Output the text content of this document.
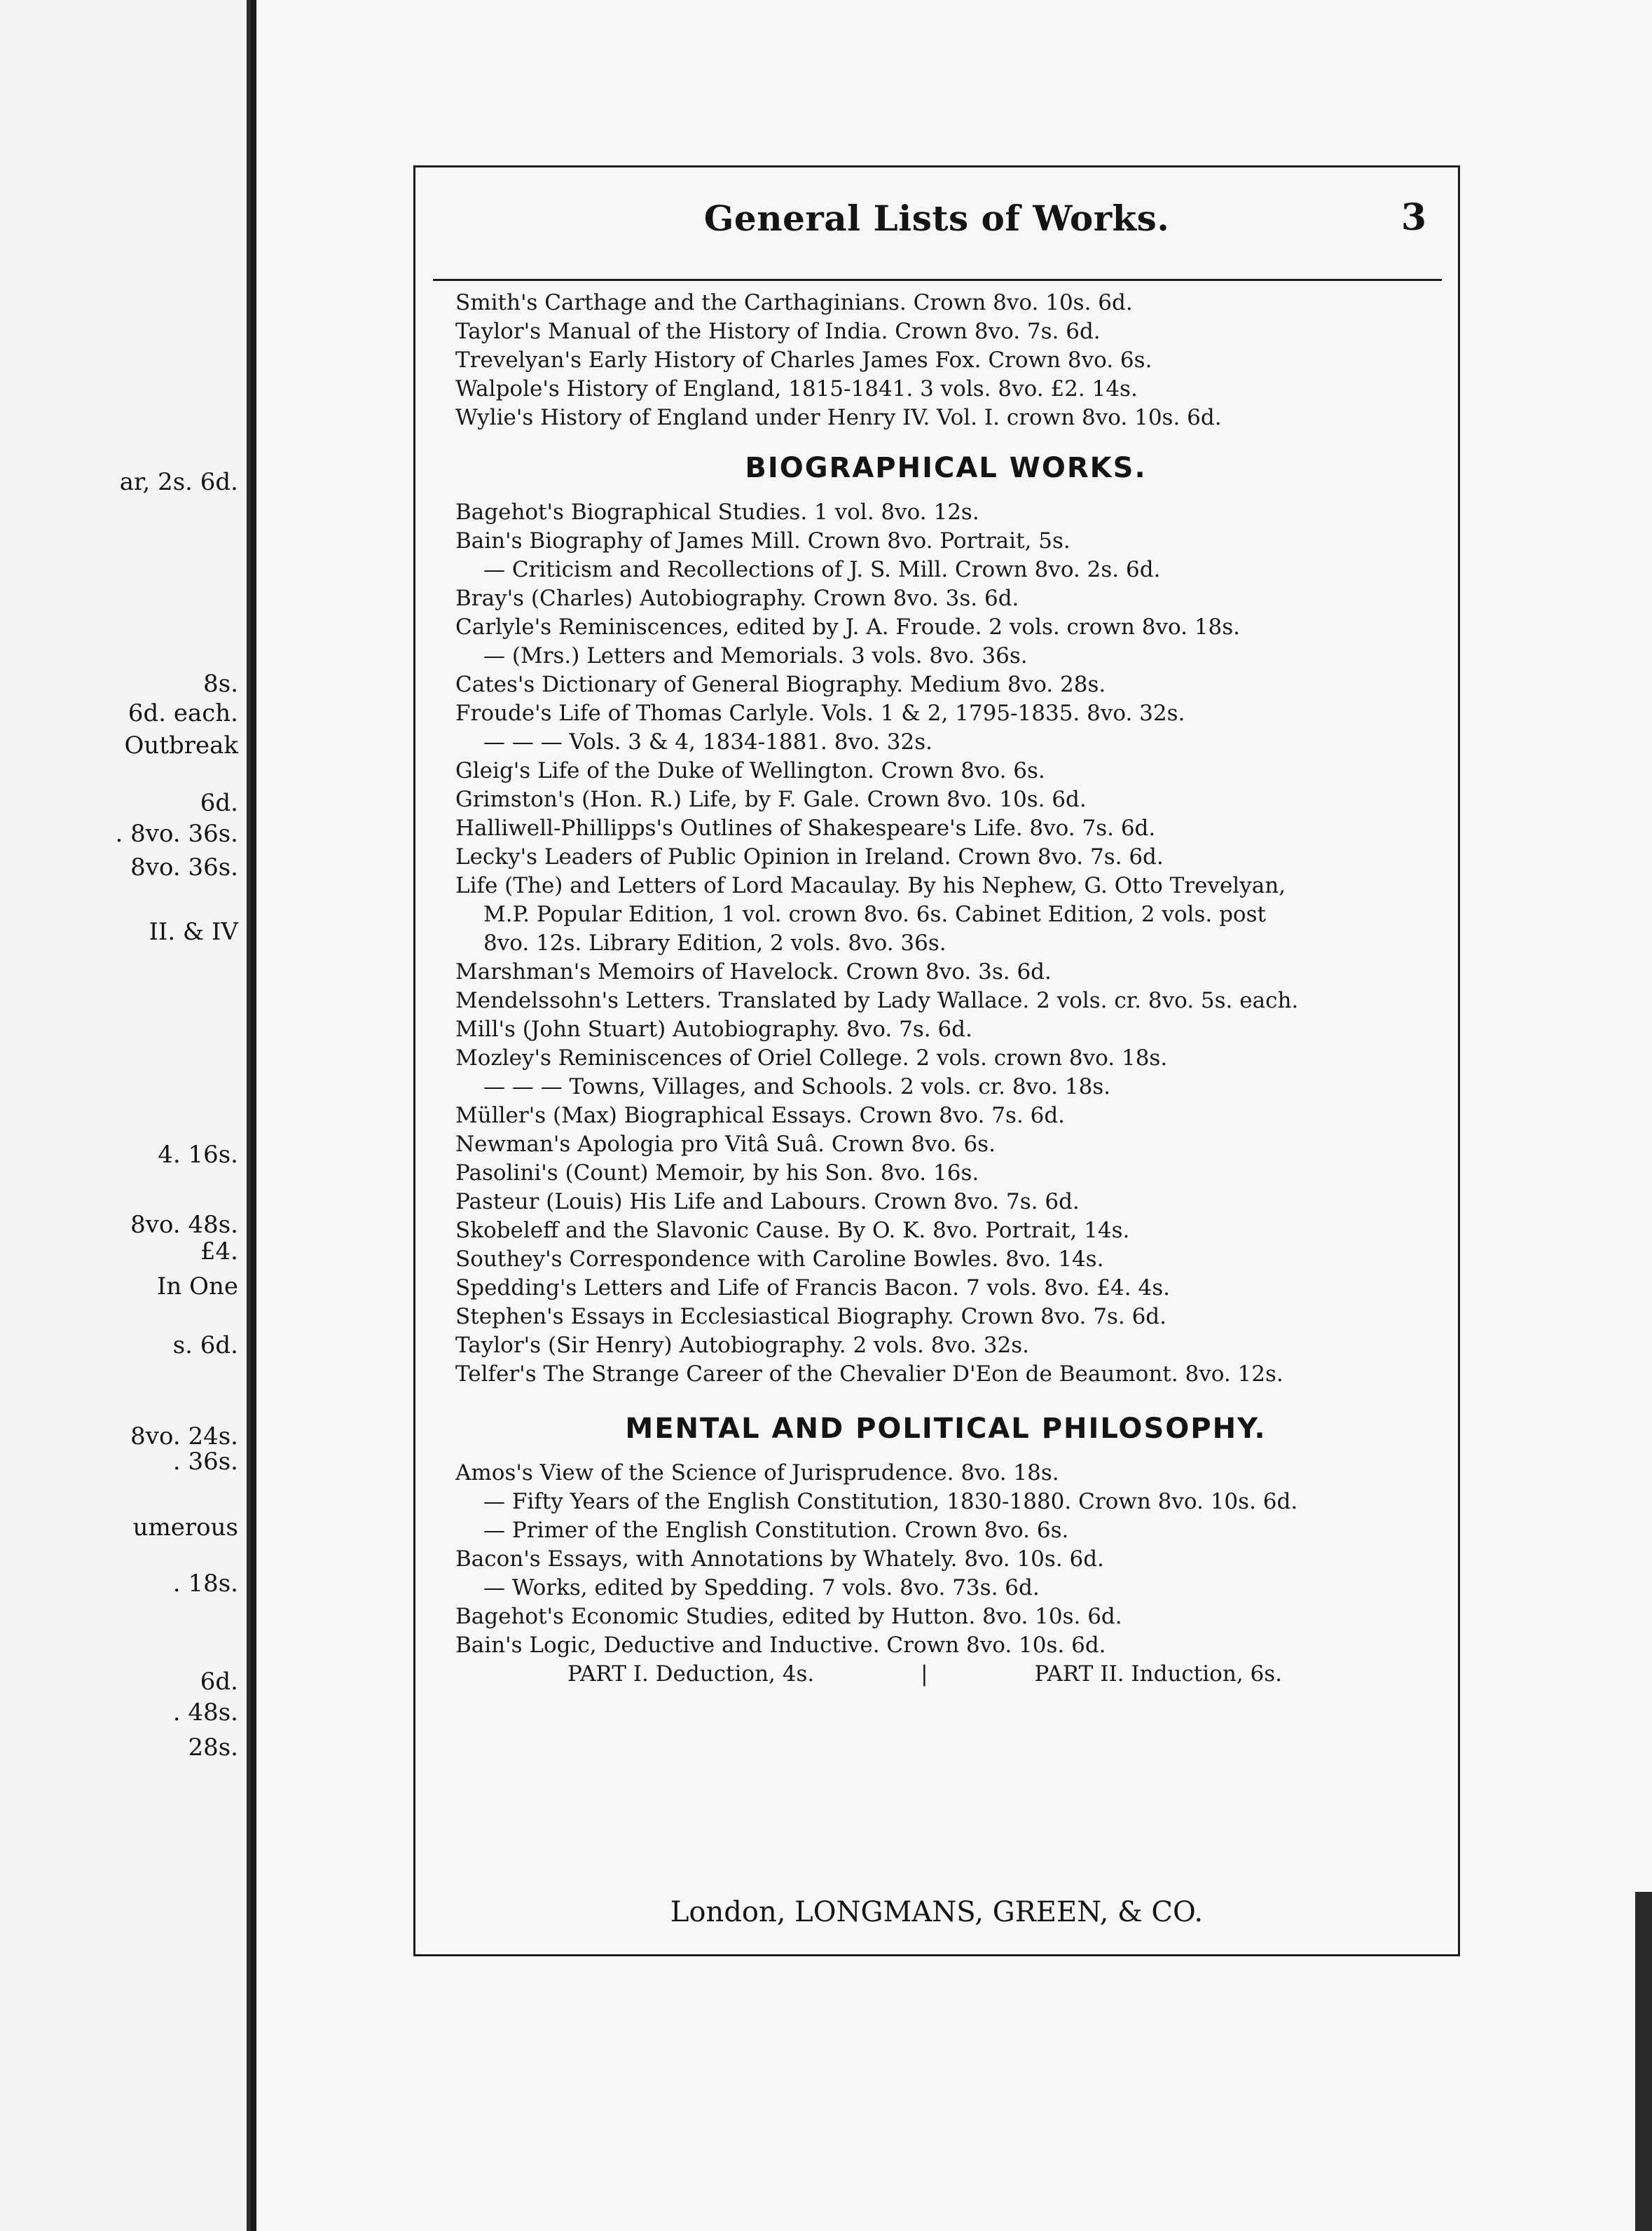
ar, 2s. 6d.
8s.
6d. each.
Outbreak
6d.
. 8vo. 36s.
8vo. 36s.
II. & IV
4. 16s.
8vo. 48s.
£4.
In One
s. 6d.
8vo. 24s.
. 36s.
umerous
. 18s.
6d.
. 48s.
28s.
General Lists of Works.	3
Smith's Carthage and the Carthaginians. Crown 8vo. 10s. 6d.
Taylor's Manual of the History of India. Crown 8vo. 7s. 6d.
Trevelyan's Early History of Charles James Fox. Crown 8vo. 6s.
Walpole's History of England, 1815-1841. 3 vols. 8vo. £2. 14s.
Wylie's History of England under Henry IV. Vol. I. crown 8vo. 10s. 6d.
BIOGRAPHICAL WORKS.
Bagehot's Biographical Studies. 1 vol. 8vo. 12s.
Bain's Biography of James Mill. Crown 8vo. Portrait, 5s.
— Criticism and Recollections of J. S. Mill. Crown 8vo. 2s. 6d.
Bray's (Charles) Autobiography. Crown 8vo. 3s. 6d.
Carlyle's Reminiscences, edited by J. A. Froude. 2 vols. crown 8vo. 18s.
— (Mrs.) Letters and Memorials. 3 vols. 8vo. 36s.
Cates's Dictionary of General Biography. Medium 8vo. 28s.
Froude's Life of Thomas Carlyle. Vols. 1 & 2, 1795-1835. 8vo. 32s.
— — — Vols. 3 & 4, 1834-1881. 8vo. 32s.
Gleig's Life of the Duke of Wellington. Crown 8vo. 6s.
Grimston's (Hon. R.) Life, by F. Gale. Crown 8vo. 10s. 6d.
Halliwell-Phillipps's Outlines of Shakespeare's Life. 8vo. 7s. 6d.
Lecky's Leaders of Public Opinion in Ireland. Crown 8vo. 7s. 6d.
Life (The) and Letters of Lord Macaulay. By his Nephew, G. Otto Trevelyan,
M.P. Popular Edition, 1 vol. crown 8vo. 6s. Cabinet Edition, 2 vols. post
8vo. 12s. Library Edition, 2 vols. 8vo. 36s.
Marshman's Memoirs of Havelock. Crown 8vo. 3s. 6d.
Mendelssohn's Letters. Translated by Lady Wallace. 2 vols. cr. 8vo. 5s. each.
Mill's (John Stuart) Autobiography. 8vo. 7s. 6d.
Mozley's Reminiscences of Oriel College. 2 vols. crown 8vo. 18s.
— — — Towns, Villages, and Schools. 2 vols. cr. 8vo. 18s.
Müller's (Max) Biographical Essays. Crown 8vo. 7s. 6d.
Newman's Apologia pro Vitâ Suâ. Crown 8vo. 6s.
Pasolini's (Count) Memoir, by his Son. 8vo. 16s.
Pasteur (Louis) His Life and Labours. Crown 8vo. 7s. 6d.
Skobeleff and the Slavonic Cause. By O. K. 8vo. Portrait, 14s.
Southey's Correspondence with Caroline Bowles. 8vo. 14s.
Spedding's Letters and Life of Francis Bacon. 7 vols. 8vo. £4. 4s.
Stephen's Essays in Ecclesiastical Biography. Crown 8vo. 7s. 6d.
Taylor's (Sir Henry) Autobiography. 2 vols. 8vo. 32s.
Telfer's The Strange Career of the Chevalier D'Eon de Beaumont. 8vo. 12s.
MENTAL AND POLITICAL PHILOSOPHY.
Amos's View of the Science of Jurisprudence. 8vo. 18s.
— Fifty Years of the English Constitution, 1830-1880. Crown 8vo. 10s. 6d.
— Primer of the English Constitution. Crown 8vo. 6s.
Bacon's Essays, with Annotations by Whately. 8vo. 10s. 6d.
— Works, edited by Spedding. 7 vols. 8vo. 73s. 6d.
Bagehot's Economic Studies, edited by Hutton. 8vo. 10s. 6d.
Bain's Logic, Deductive and Inductive. Crown 8vo. 10s. 6d.
PART I. Deduction, 4s.	|	PART II. Induction, 6s.
London, LONGMANS, GREEN, & CO.
